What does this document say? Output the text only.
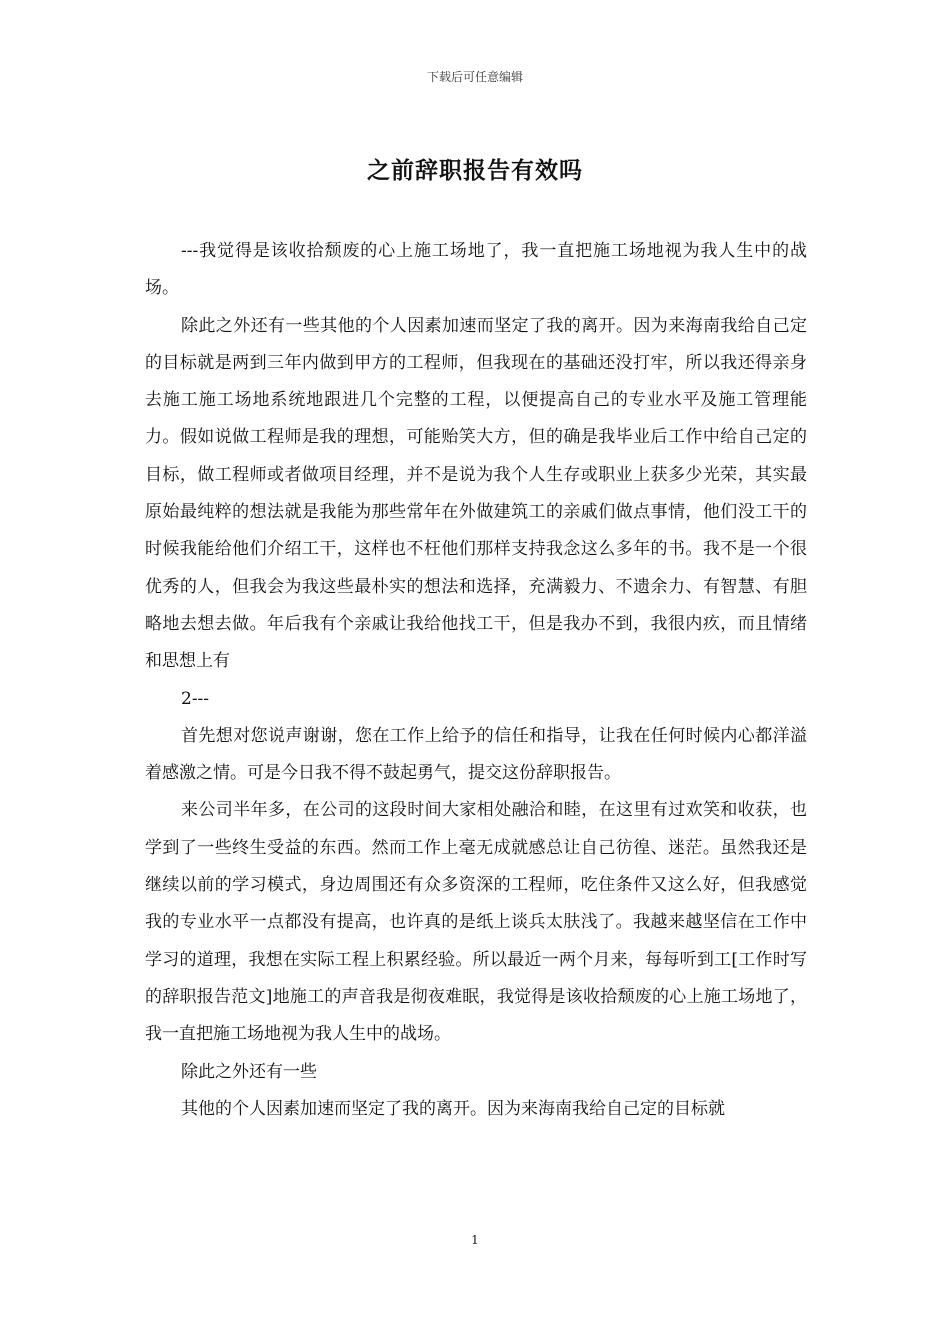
下载后可任意编辑
之前辞职报告有效吗

---我觉得是该收拾颓废的心上施工场地了，我一直把施工场地视为我人生中的战场。

除此之外还有一些其他的个人因素加速而坚定了我的离开。因为来海南我给自己定的目标就是两到三年内做到甲方的工程师，但我现在的基础还没打牢，所以我还得亲身去施工施工场地系统地跟进几个完整的工程，以便提高自己的专业水平及施工管理能力。假如说做工程师是我的理想，可能贻笑大方，但的确是我毕业后工作中给自己定的目标，做工程师或者做项目经理，并不是说为我个人生存或职业上获多少光荣，其实最原始最纯粹的想法就是我能为那些常年在外做建筑工的亲戚们做点事情，他们没工干的时候我能给他们介绍工干，这样也不枉他们那样支持我念这么多年的书。我不是一个很优秀的人，但我会为我这些最朴实的想法和选择，充满毅力、不遗余力、有智慧、有胆略地去想去做。年后我有个亲戚让我给他找工干，但是我办不到，我很内疚，而且情绪和思想上有

2---

首先想对您说声谢谢，您在工作上给予的信任和指导，让我在任何时候内心都洋溢着感激之情。可是今日我不得不鼓起勇气，提交这份辞职报告。

来公司半年多，在公司的这段时间大家相处融洽和睦，在这里有过欢笑和收获，也学到了一些终生受益的东西。然而工作上毫无成就感总让自己彷徨、迷茫。虽然我还是继续以前的学习模式，身边周围还有众多资深的工程师，吃住条件又这么好，但我感觉我的专业水平一点都没有提高，也许真的是纸上谈兵太肤浅了。我越来越坚信在工作中学习的道理，我想在实际工程上积累经验。所以最近一两个月来，每每听到工[工作时写的辞职报告范文]地施工的声音我是彻夜难眠，我觉得是该收拾颓废的心上施工场地了，我一直把施工场地视为我人生中的战场。

除此之外还有一些

其他的个人因素加速而坚定了我的离开。因为来海南我给自己定的目标就

1
